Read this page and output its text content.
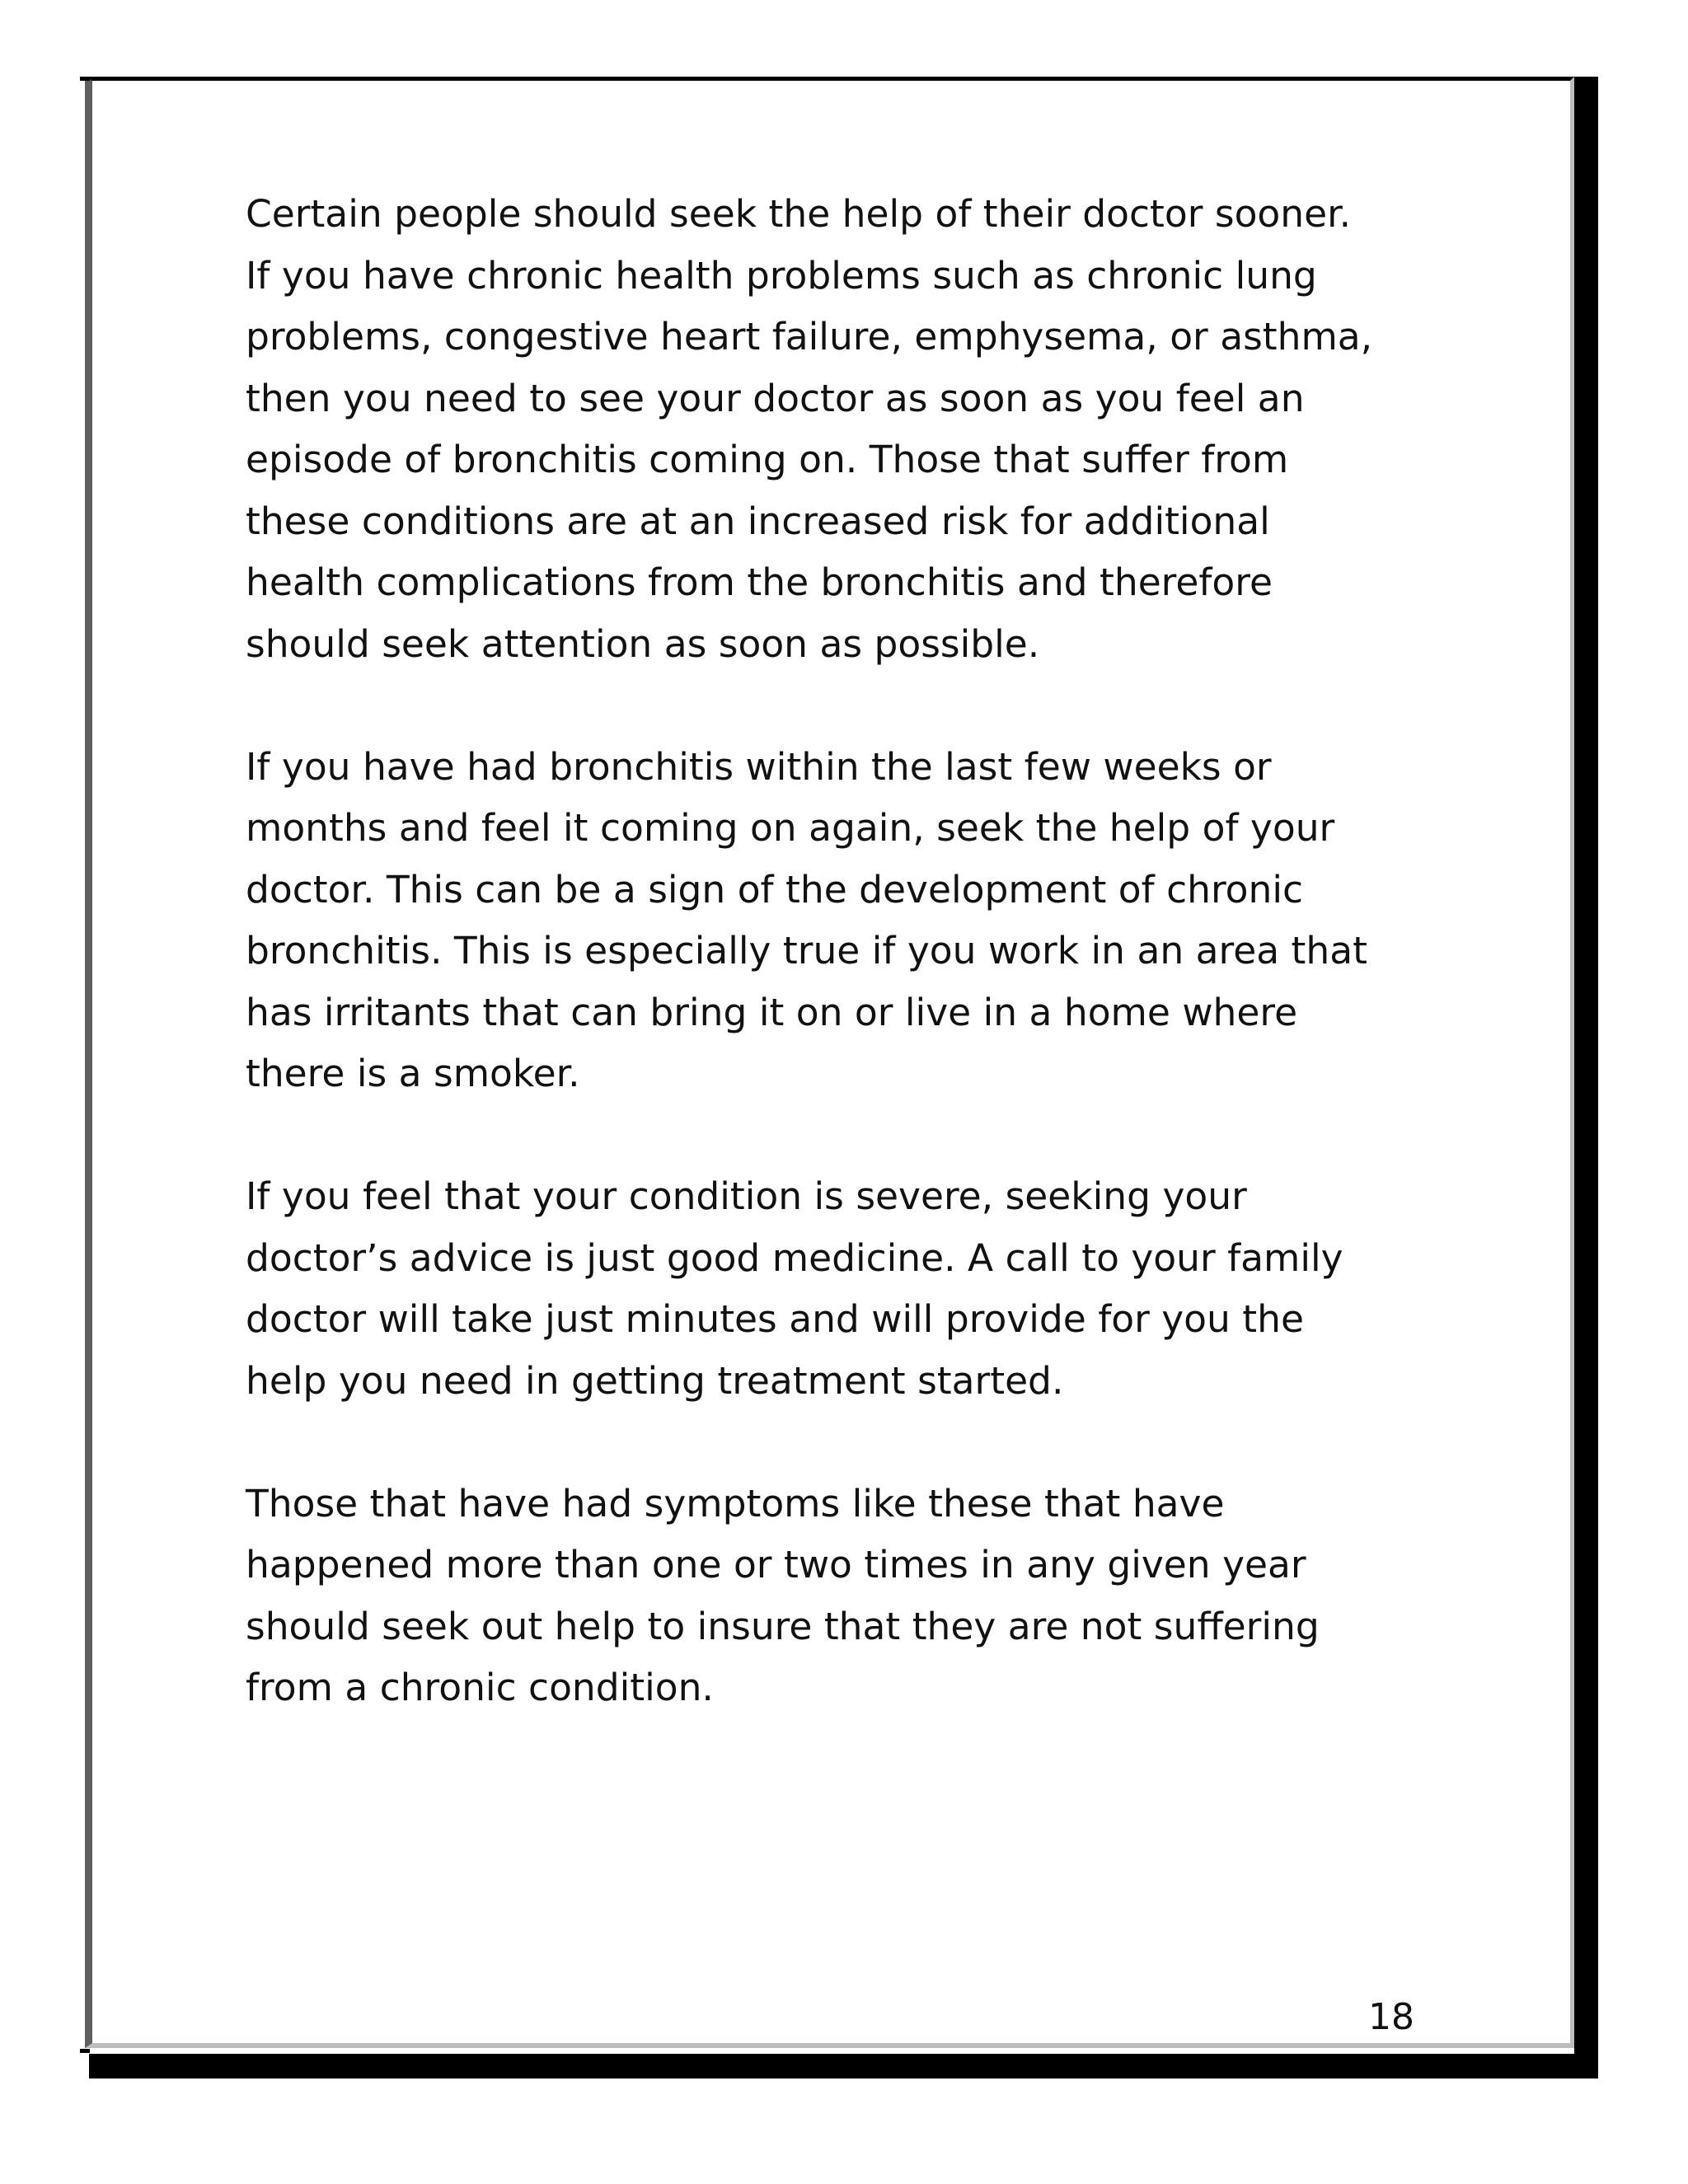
Certain people should seek the help of their doctor sooner.
If you have chronic health problems such as chronic lung
problems, congestive heart failure, emphysema, or asthma,
then you need to see your doctor as soon as you feel an
episode of bronchitis coming on. Those that suffer from
these conditions are at an increased risk for additional
health complications from the bronchitis and therefore
should seek attention as soon as possible.

If you have had bronchitis within the last few weeks or
months and feel it coming on again, seek the help of your
doctor. This can be a sign of the development of chronic
bronchitis. This is especially true if you work in an area that
has irritants that can bring it on or live in a home where
there is a smoker.

If you feel that your condition is severe, seeking your
doctor’s advice is just good medicine. A call to your family
doctor will take just minutes and will provide for you the
help you need in getting treatment started.

Those that have had symptoms like these that have
happened more than one or two times in any given year
should seek out help to insure that they are not suffering
from a chronic condition.

18
